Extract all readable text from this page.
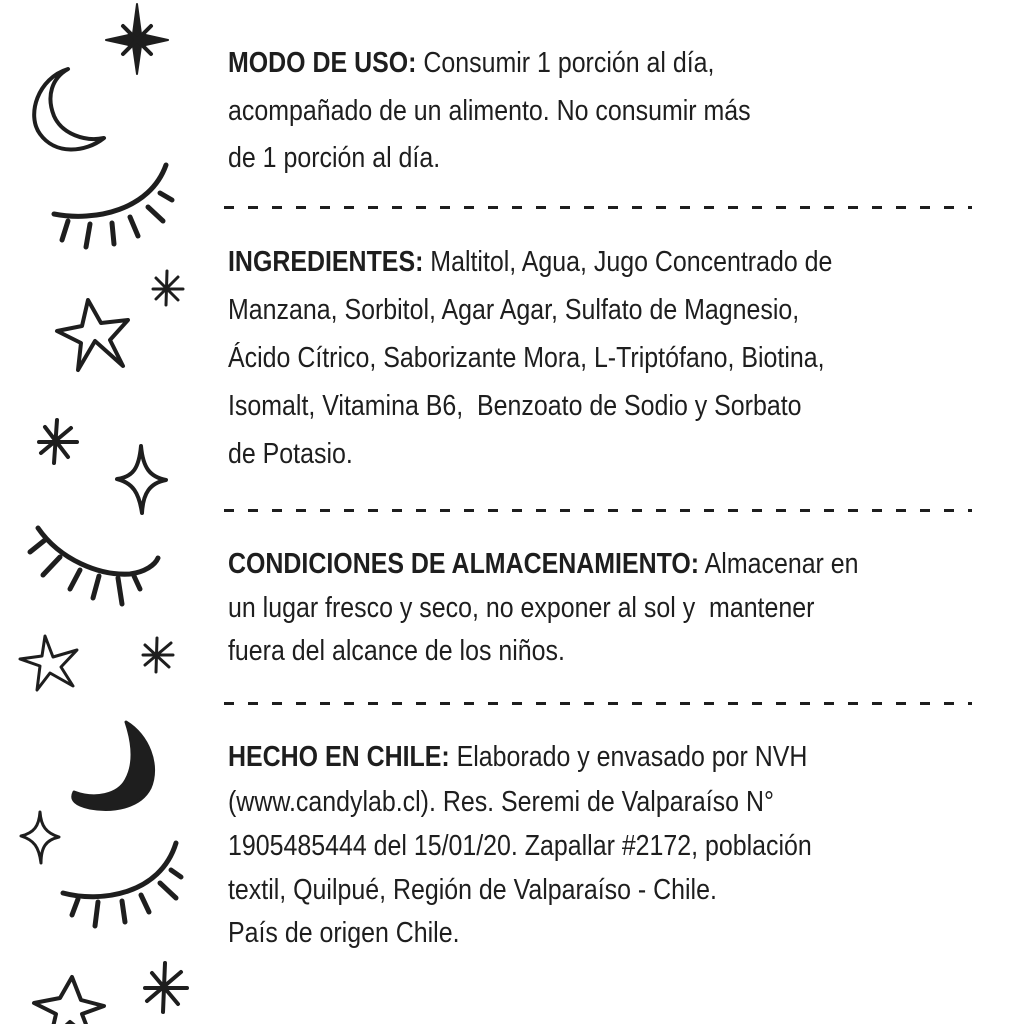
MODO DE USO: Consumir 1 porción al día,
acompañado de un alimento. No consumir más
de 1 porción al día.
INGREDIENTES: Maltitol, Agua, Jugo Concentrado de
Manzana, Sorbitol, Agar Agar, Sulfato de Magnesio,
Ácido Cítrico, Saborizante Mora, L-Triptófano, Biotina,
Isomalt, Vitamina B6,  Benzoato de Sodio y Sorbato
de Potasio.
CONDICIONES DE ALMACENAMIENTO: Almacenar en
un lugar fresco y seco, no exponer al sol y  mantener
fuera del alcance de los niños.
HECHO EN CHILE: Elaborado y envasado por NVH
(www.candylab.cl). Res. Seremi de Valparaíso N°
1905485444 del 15/01/20. Zapallar #2172, población
textil, Quilpué, Región de Valparaíso - Chile.
País de origen Chile.
